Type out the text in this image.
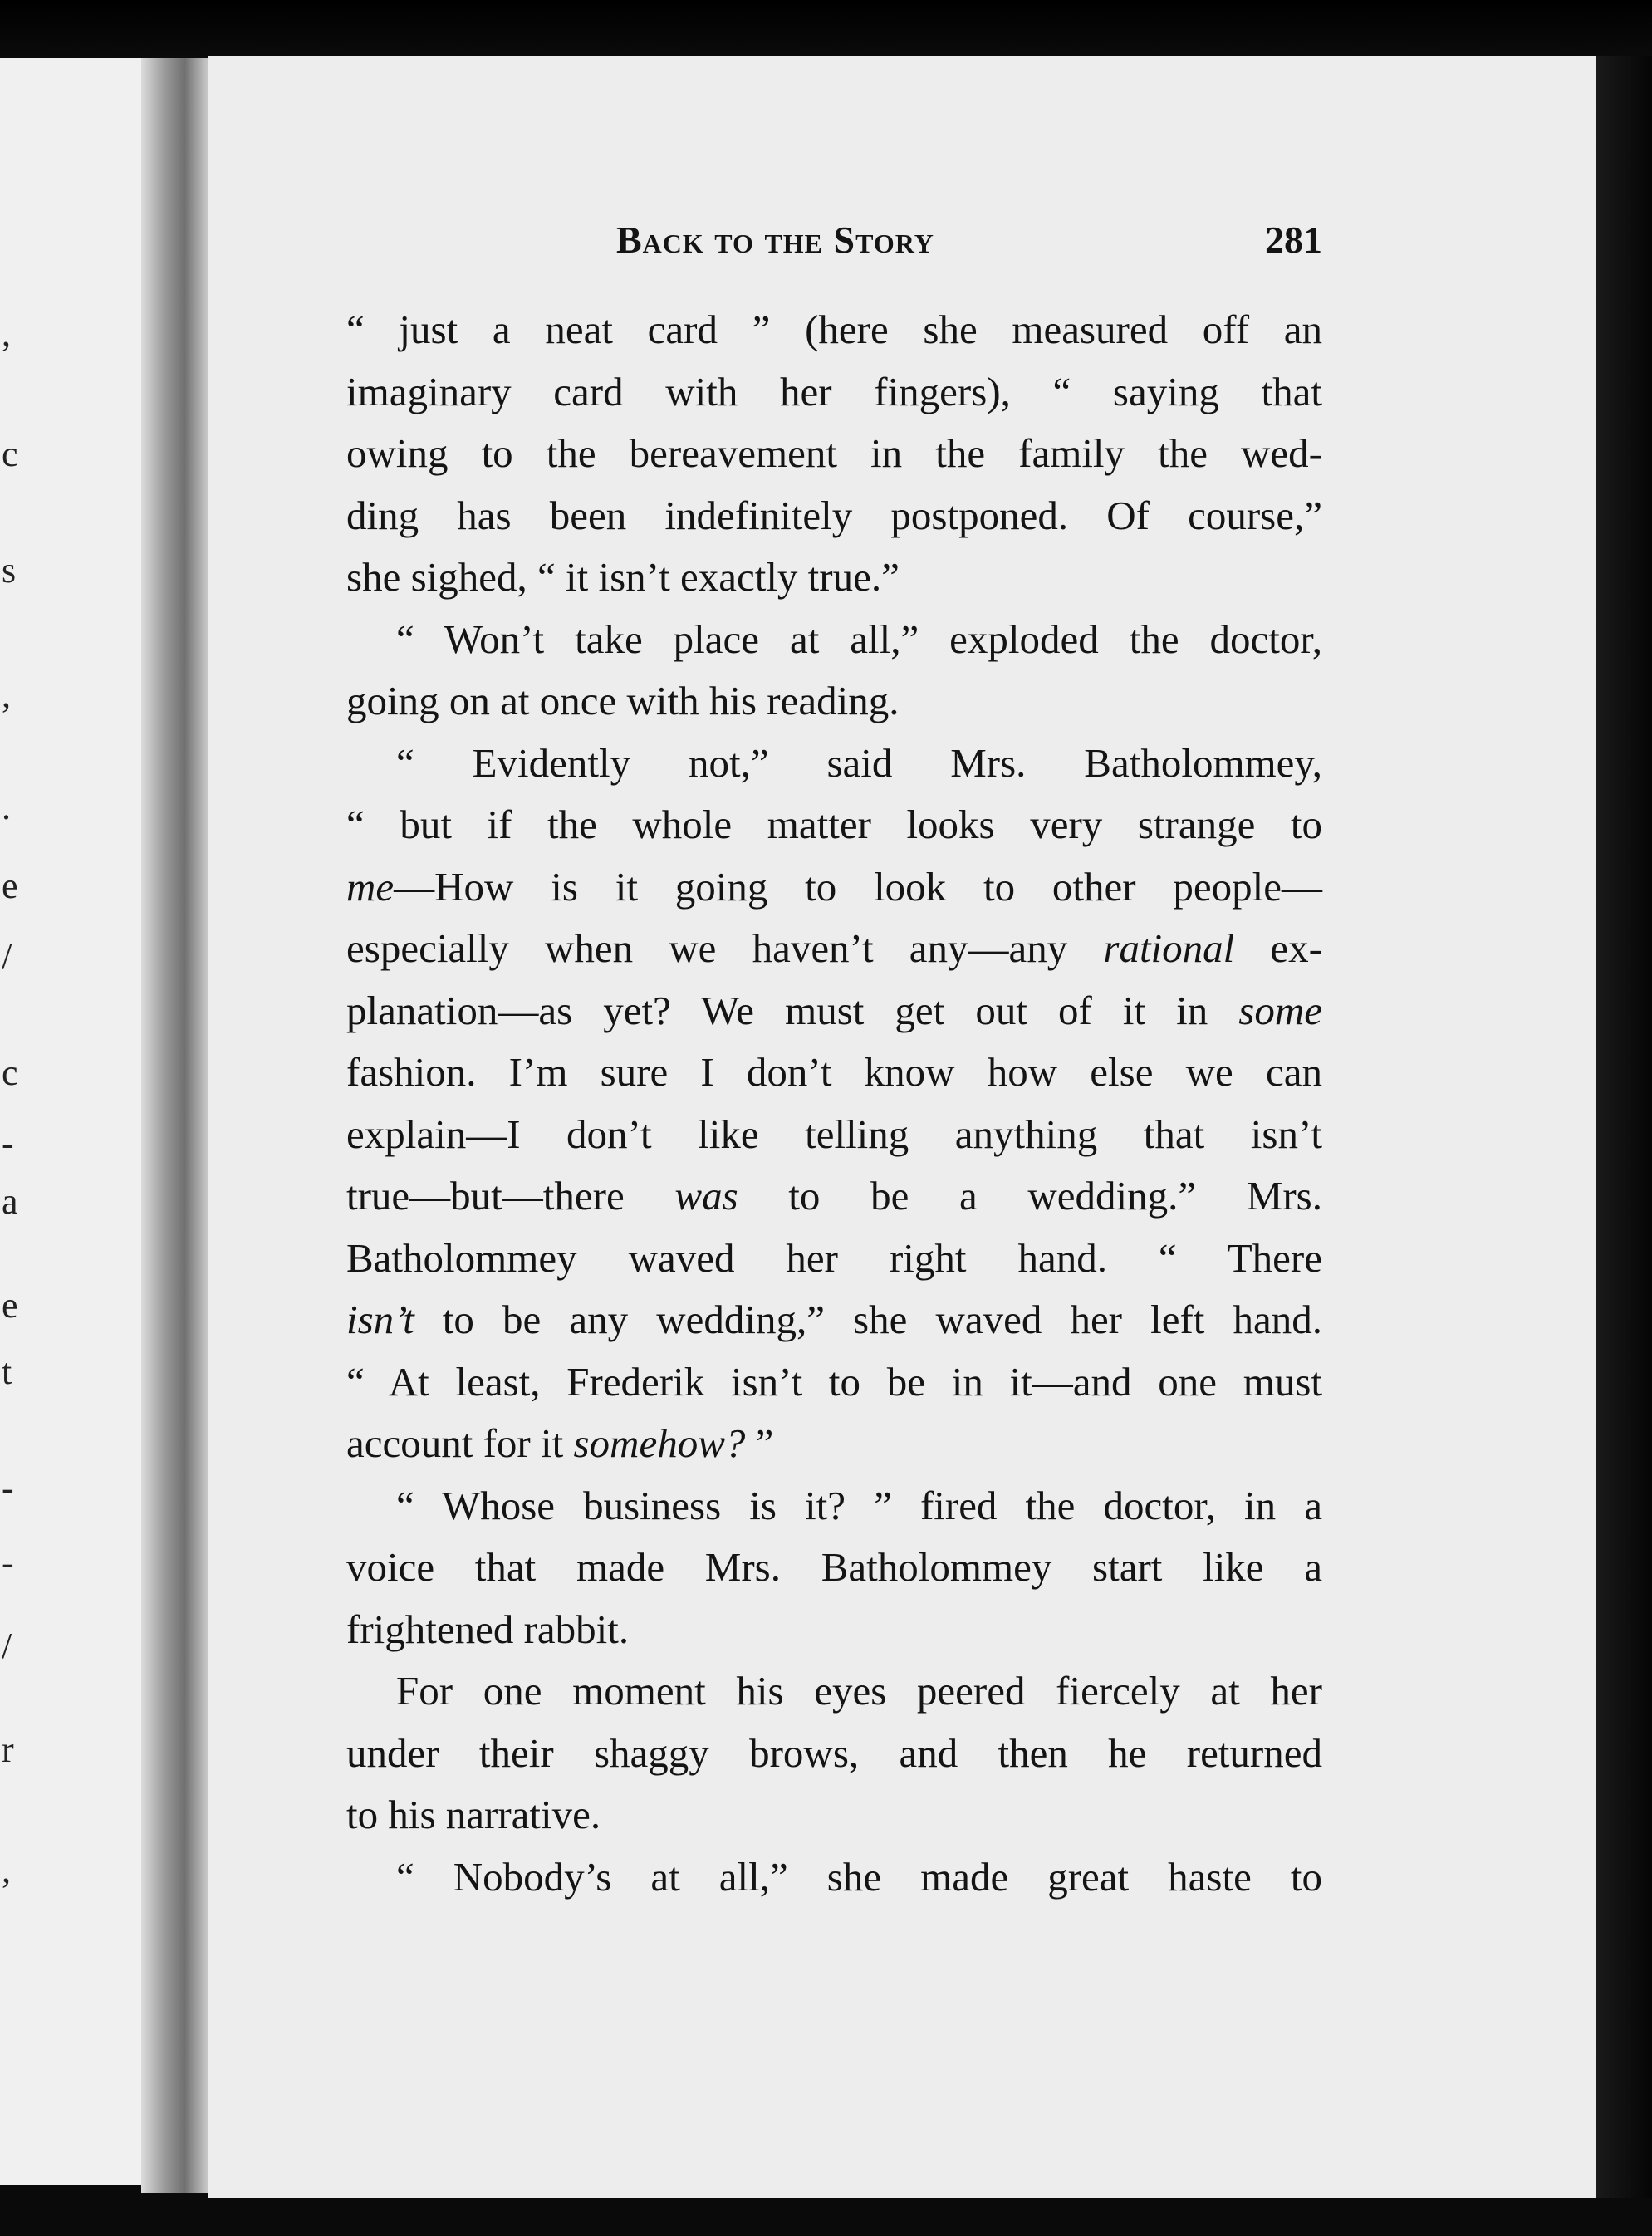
,
c
s
,
.
e
/
c
-
a
e
t
-
-
/
r
,
Back to the Story	281
“ just a neat card ” (here she measured off an
imaginary card with her fingers), “ saying that
owing to the bereavement in the family the wed-
ding has been indefinitely postponed. Of course,”
she sighed, “ it isn’t exactly true.”
“ Won’t take place at all,” exploded the doctor,
going on at once with his reading.
“ Evidently not,” said Mrs. Batholommey,
“ but if the whole matter looks very strange to
me—How is it going to look to other people—
especially when we haven’t any—any rational ex-
planation—as yet? We must get out of it in some
fashion. I’m sure I don’t know how else we can
explain—I don’t like telling anything that isn’t
true—but—there was to be a wedding.” Mrs.
Batholommey waved her right hand. “ There
isn’t to be any wedding,” she waved her left hand.
“ At least, Frederik isn’t to be in it—and one must
account for it somehow? ”
“ Whose business is it? ” fired the doctor, in a
voice that made Mrs. Batholommey start like a
frightened rabbit.
For one moment his eyes peered fiercely at her
under their shaggy brows, and then he returned
to his narrative.
“ Nobody’s at all,” she made great haste to
